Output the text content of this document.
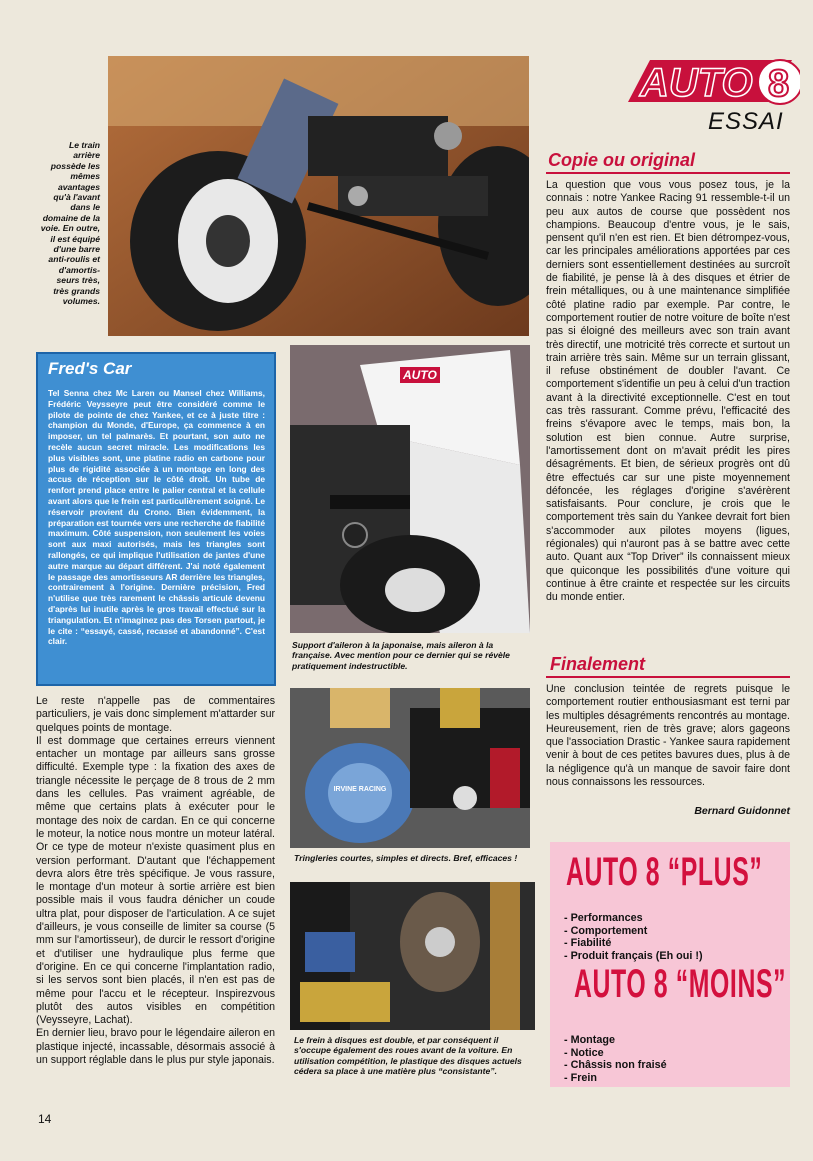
AUTO 8
ESSAI
Le train arrière possède les mêmes avantages qu'à l'avant dans le domaine de la voie. En outre, il est équipé d'une barre anti-roulis et d'amortis-seurs très, très grands volumes.
Fred's Car
Tel Senna chez Mc Laren ou Mansel chez Williams, Frédéric Veysseyre peut être considéré comme le pilote de pointe de chez Yankee, et ce à juste titre : champion du Monde, d'Europe, ça commence à en imposer, un tel palmarès. Et pourtant, son auto ne recèle aucun secret miracle. Les modifications les plus visibles sont, une platine radio en carbone pour plus de rigidité associée à un montage en long des accus de réception sur le côté droit. Un tube de renfort prend place entre le palier central et la cellule avant alors que le frein est particulièrement soigné. Le réservoir provient du Crono. Bien évidemment, la préparation est tournée vers une recherche de fiabilité maximum. Côté suspension, non seulement les voies sont aux maxi autorisés, mais les triangles sont rallongés, ce qui implique l'utilisation de jantes d'une autre marque au départ différent. J'ai noté également le passage des amortisseurs AR derrière les triangles, contrairement à l'origine. Dernière précision, Fred n'utilise que très rarement le châssis articulé devenu d'après lui inutile après le gros travail effectué sur la triangulation. Et n'imaginez pas des Torsen partout, je le cite : “essayé, cassé, recassé et abandonné”. C'est clair.
AUTO
Support d'aileron à la japonaise, mais aileron à la française. Avec mention pour ce dernier qui se révèle pratiquement indestructible.
IRVINE RACING
Tringleries courtes, simples et directs. Bref, efficaces !
Le frein à disques est double, et par conséquent il s'occupe également des roues avant de la voiture. En utilisation compétition, le plastique des disques actuels cédera sa place à une matière plus “consistante”.

Le reste n'appelle pas de commentaires particuliers, je vais donc simplement m'attarder sur quelques points de montage.

Il est dommage que certaines erreurs viennent entacher un montage par ailleurs sans grosse difficulté. Exemple type : la fixation des axes de triangle nécessite le perçage de 8 trous de 2 mm dans les cellules. Pas vraiment agréable, de même que certains plats à exécuter pour le montage des noix de cardan. En ce qui concerne le moteur, la notice nous montre un moteur latéral. Or ce type de moteur n'existe quasiment plus en version performant. D'autant que l'échappement devra alors être très spécifique. Je vous rassure, le montage d'un moteur à sortie arrière est bien possible mais il vous faudra dénicher un coude ultra plat, pour disposer de l'articulation. A ce sujet d'ailleurs, je vous conseille de limiter sa course (5 mm sur l'amortisseur), de durcir le ressort d'origine et d'utiliser une hydraulique plus ferme que d'origine. En ce qui concerne l'implantation radio, si les servos sont bien placés, il n'en est pas de même pour l'accu et le récepteur. Inspirezvous plutôt des autos visibles en compétition (Veysseyre, Lachat).

En dernier lieu, bravo pour le légendaire aileron en plastique injecté, incassable, désormais associé à un support réglable dans le plus pur style japonais.

Copie ou original
La question que vous vous posez tous, je la connais : notre Yankee Racing 91 ressemble-t-il un peu aux autos de course que possèdent nos champions. Beaucoup d'entre vous, je le sais, pensent qu'il n'en est rien. Et bien détrompez-vous, car les principales améliorations apportées par ces derniers sont essentiellement destinées au surcroît de fiabilité, je pense là à des disques et étrier de frein métalliques, ou à une maintenance simplifiée côté platine radio par exemple. Par contre, le comportement routier de notre voiture de boîte n'est pas si éloigné des meilleurs avec son train avant très directif, une motricité très correcte et surtout un train arrière très sain. Même sur un terrain glissant, il refuse obstinément de doubler l'avant. Ce comportement s'identifie un peu à celui d'un traction avant à la directivité exceptionnelle. C'est en tout cas très rassurant. Comme prévu, l'efficacité des freins s'évapore avec le temps, mais bon, la solution est bien connue. Autre surprise, l'amortissement dont on m'avait prédit les pires désagréments. Et bien, de sérieux progrès ont dû être effectués car sur une piste moyennement défoncée, les réglages d'origine s'avérèrent satisfaisants. Pour conclure, je crois que le comportement très sain du Yankee devrait fort bien s'accommoder aux pilotes moyens (ligues, régionales) qui n'auront pas à se battre avec cette auto. Quant aux “Top Driver” ils connaissent mieux que quiconque les possibilités d'une voiture qui continue à être crainte et respectée sur les circuits du monde entier.
Finalement
Une conclusion teintée de regrets puisque le comportement routier enthousiasmant est terni par les multiples désagréments rencontrés au montage. Heureusement, rien de très grave; alors gageons que l'association Drastic - Yankee saura rapidement venir à bout de ces petites bavures dues, plus à de la négligence qu'à un manque de savoir faire dont nous connaissons les ressources.
Bernard Guidonnet
AUTO 8 “PLUS”
- Performances
- Comportement
- Fiabilité
- Produit français (Eh oui !)
AUTO 8 “MOINS”
- Montage
- Notice
- Châssis non fraisé
- Frein
14
